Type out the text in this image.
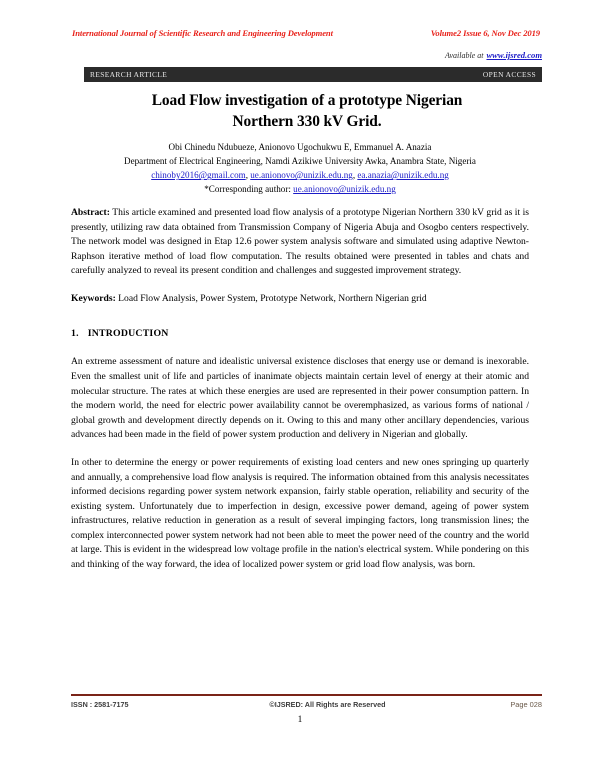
International Journal of Scientific Research and Engineering Development	Volume2 Issue 6, Nov Dec 2019
Available at www.ijsred.com
RESEARCH ARTICLE	OPEN ACCESS
Load Flow investigation of a prototype Nigerian
Northern 330 kV Grid.
Obi Chinedu Ndubueze, Anionovo Ugochukwu E, Emmanuel A. Anazia
Department of Electrical Engineering, Namdi Azikiwe University Awka, Anambra State, Nigeria
chinoby2016@gmail.com, ue.anionovo@unizik.edu.ng, ea.anazia@unizik.edu.ng
*Corresponding author: ue.anionovo@unizik.edu.ng

Abstract: This article examined and presented load flow analysis of a prototype Nigerian Northern 330 kV grid as it is presently, utilizing raw data obtained from Transmission Company of Nigeria Abuja and Osogbo centers respectively. The network model was designed in Etap 12.6 power system analysis software and simulated using adaptive Newton-Raphson iterative method of load flow computation. The results obtained were presented in tables and chats and carefully analyzed to reveal its present condition and challenges and suggested improvement strategy.

Keywords: Load Flow Analysis, Power System, Prototype Network, Northern Nigerian grid

1. INTRODUCTION

An extreme assessment of nature and idealistic universal existence discloses that energy use or demand is inexorable. Even the smallest unit of life and particles of inanimate objects maintain certain level of energy at their atomic and molecular structure. The rates at which these energies are used are represented in their power consumption pattern. In the modern world, the need for electric power availability cannot be overemphasized, as various forms of national / global growth and development directly depends on it. Owing to this and many other ancillary dependencies, various advances had been made in the field of power system production and delivery in Nigerian and globally.

In other to determine the energy or power requirements of existing load centers and new ones springing up quarterly and annually, a comprehensive load flow analysis is required. The information obtained from this analysis necessitates informed decisions regarding power system network expansion, fairly stable operation, reliability and security of the existing system. Unfortunately due to imperfection in design, excessive power demand, ageing of power system infrastructures, relative reduction in generation as a result of several impinging factors, long transmission lines; the complex interconnected power system network had not been able to meet the power need of the country and the world at large. This is evident in the widespread low voltage profile in the nation's electrical system. While pondering on this and thinking of the way forward, the idea of localized power system or grid load flow analysis, was born.

ISSN : 2581-7175	©IJSRED: All Rights are Reserved	Page 028
1
